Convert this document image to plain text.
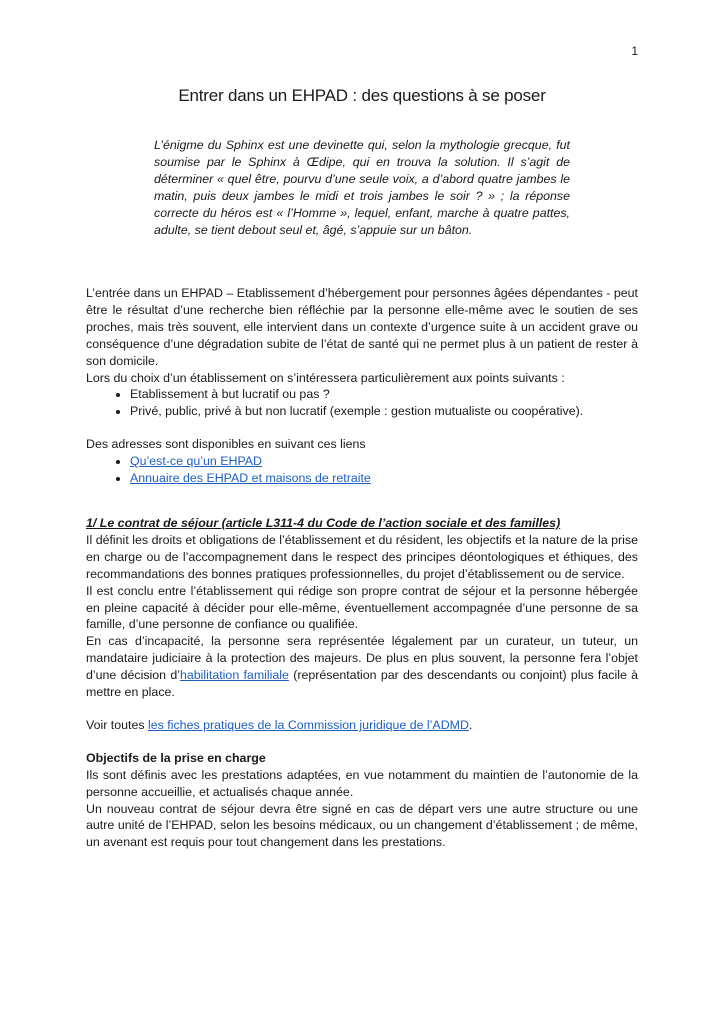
1
Entrer dans un EHPAD : des questions à se poser

L’énigme du Sphinx est une devinette qui, selon la mythologie grecque, fut soumise par le Sphinx à Œdipe, qui en trouva la solution. Il s’agit de déterminer « quel être, pourvu d’une seule voix, a d’abord quatre jambes le matin, puis deux jambes le midi et trois jambes le soir ? » ; la réponse correcte du héros est « l’Homme », lequel, enfant, marche à quatre pattes, adulte, se tient debout seul et, âgé, s’appuie sur un bâton.

L’entrée dans un EHPAD – Etablissement d’hébergement pour personnes âgées dépendantes - peut être le résultat d’une recherche bien réfléchie par la personne elle-même avec le soutien de ses proches, mais très souvent, elle intervient dans un contexte d’urgence suite à un accident grave ou conséquence d’une dégradation subite de l’état de santé qui ne permet plus à un patient de rester à son domicile.

Lors du choix d’un établissement on s’intéressera particulièrement aux points suivants :

• Etablissement à but lucratif ou pas ?
• Privé, public, privé à but non lucratif (exemple : gestion mutualiste ou coopérative).

Des adresses sont disponibles en suivant ces liens

• Qu’est-ce qu’un EHPAD
• Annuaire des EHPAD et maisons de retraite

1/ Le contrat de séjour (article L311-4 du Code de l’action sociale et des familles)

Il définit les droits et obligations de l’établissement et du résident, les objectifs et la nature de la prise en charge ou de l’accompagnement dans le respect des principes déontologiques et éthiques, des recommandations des bonnes pratiques professionnelles, du projet d’établissement ou de service.

Il est conclu entre l’établissement qui rédige son propre contrat de séjour et la personne hébergée en pleine capacité à décider pour elle-même, éventuellement accompagnée d’une personne de sa famille, d’une personne de confiance ou qualifiée.

En cas d’incapacité, la personne sera représentée légalement par un curateur, un tuteur, un mandataire judiciaire à la protection des majeurs. De plus en plus souvent, la personne fera l’objet d’une décision d’habilitation familiale (représentation par des descendants ou conjoint) plus facile à mettre en place.

Voir toutes les fiches pratiques de la Commission juridique de l’ADMD.

Objectifs de la prise en charge

Ils sont définis avec les prestations adaptées, en vue notamment du maintien de l’autonomie de la personne accueillie, et actualisés chaque année.

Un nouveau contrat de séjour devra être signé en cas de départ vers une autre structure ou une autre unité de l’EHPAD, selon les besoins médicaux, ou un changement d’établissement ; de même, un avenant est requis pour tout changement dans les prestations.
